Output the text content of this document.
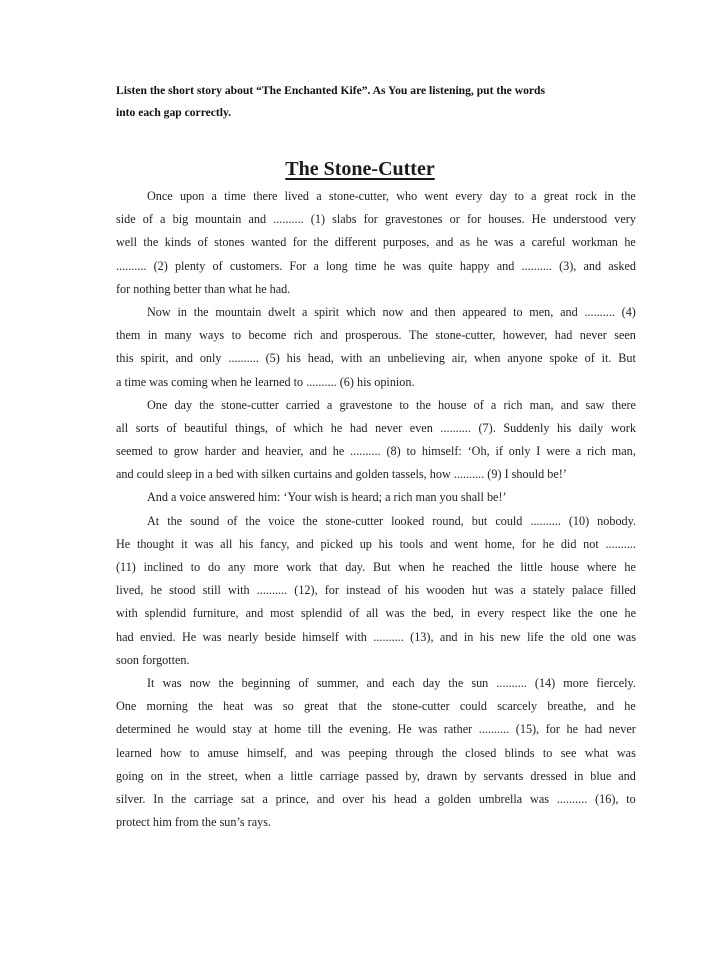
Listen the short story about “The Enchanted Kife”. As You are listening, put the words
into each gap correctly.
The Stone-Cutter
Once upon a time there lived a stone-cutter, who went every day to a great rock in the
side of a big mountain and .......... (1) slabs for gravestones or for houses. He understood very
well the kinds of stones wanted for the different purposes, and as he was a careful workman he
.......... (2) plenty of customers. For a long time he was quite happy and .......... (3), and asked
for nothing better than what he had.
Now in the mountain dwelt a spirit which now and then appeared to men, and .......... (4)
them in many ways to become rich and prosperous. The stone-cutter, however, had never seen
this spirit, and only .......... (5) his head, with an unbelieving air, when anyone spoke of it. But
a time was coming when he learned to .......... (6) his opinion.
One day the stone-cutter carried a gravestone to the house of a rich man, and saw there
all sorts of beautiful things, of which he had never even .......... (7). Suddenly his daily work
seemed to grow harder and heavier, and he .......... (8) to himself: ‘Oh, if only I were a rich man,
and could sleep in a bed with silken curtains and golden tassels, how .......... (9) I should be!’
And a voice answered him: ‘Your wish is heard; a rich man you shall be!’
At the sound of the voice the stone-cutter looked round, but could .......... (10) nobody.
He thought it was all his fancy, and picked up his tools and went home, for he did not ..........
(11) inclined to do any more work that day. But when he reached the little house where he
lived, he stood still with .......... (12), for instead of his wooden hut was a stately palace filled
with splendid furniture, and most splendid of all was the bed, in every respect like the one he
had envied. He was nearly beside himself with .......... (13), and in his new life the old one was
soon forgotten.
It was now the beginning of summer, and each day the sun .......... (14) more fiercely.
One morning the heat was so great that the stone-cutter could scarcely breathe, and he
determined he would stay at home till the evening. He was rather .......... (15), for he had never
learned how to amuse himself, and was peeping through the closed blinds to see what was
going on in the street, when a little carriage passed by, drawn by servants dressed in blue and
silver. In the carriage sat a prince, and over his head a golden umbrella was .......... (16), to
protect him from the sun’s rays.
